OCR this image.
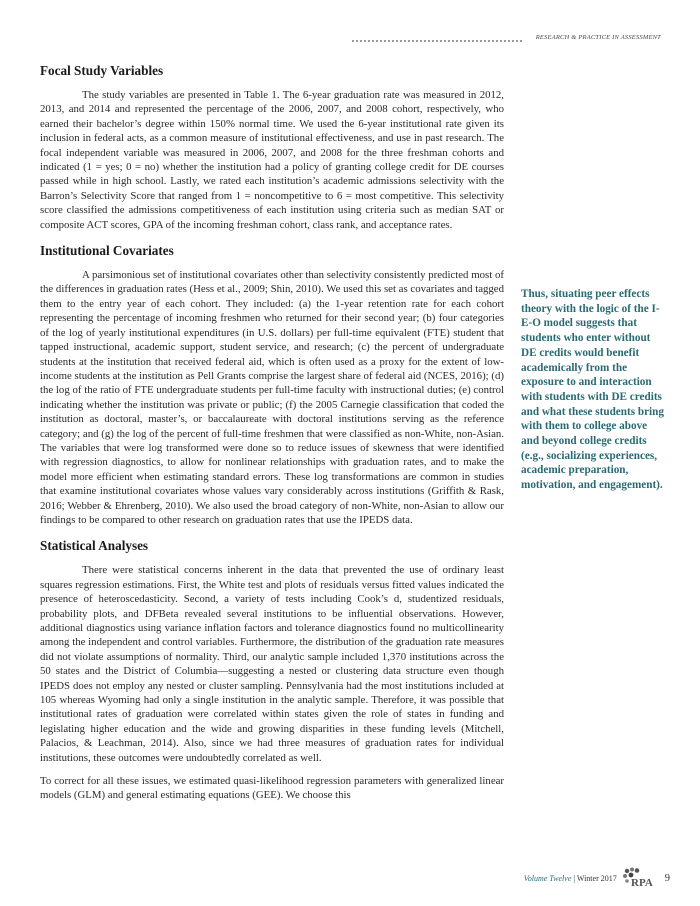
RESEARCH & PRACTICE IN ASSESSMENT
Focal Study Variables

The study variables are presented in Table 1. The 6-year graduation rate was measured in 2012, 2013, and 2014 and represented the percentage of the 2006, 2007, and 2008 cohort, respectively, who earned their bachelor’s degree within 150% normal time. We used the 6-year institutional rate given its inclusion in federal acts, as a common measure of institutional effectiveness, and use in past research. The focal independent variable was measured in 2006, 2007, and 2008 for the three freshman cohorts and indicated (1 = yes; 0 = no) whether the institution had a policy of granting college credit for DE courses passed while in high school. Lastly, we rated each institution’s academic admissions selectivity with the Barron’s Selectivity Score that ranged from 1 = noncompetitive to 6 = most competitive. This selectivity score classified the admissions competitiveness of each institution using criteria such as median SAT or composite ACT scores, GPA of the incoming freshman cohort, class rank, and acceptance rates.

Institutional Covariates

A parsimonious set of institutional covariates other than selectivity consistently predicted most of the differences in graduation rates (Hess et al., 2009; Shin, 2010). We used this set as covariates and tagged them to the entry year of each cohort. They included: (a) the 1-year retention rate for each cohort representing the percentage of incoming freshmen who returned for their second year; (b) four categories of the log of yearly institutional expenditures (in U.S. dollars) per full-time equivalent (FTE) student that tapped instructional, academic support, student service, and research; (c) the percent of undergraduate students at the institution that received federal aid, which is often used as a proxy for the extent of low-income students at the institution as Pell Grants comprise the largest share of federal aid (NCES, 2016); (d) the log of the ratio of FTE undergraduate students per full-time faculty with instructional duties; (e) control indicating whether the institution was private or public; (f) the 2005 Carnegie classification that coded the institution as doctoral, master’s, or baccalaureate with doctoral institutions serving as the reference category; and (g) the log of the percent of full-time freshmen that were classified as non-White, non-Asian. The variables that were log transformed were done so to reduce issues of skewness that were identified with regression diagnostics, to allow for nonlinear relationships with graduation rates, and to make the model more efficient when estimating standard errors. These log transformations are common in studies that examine institutional covariates whose values vary considerably across institutions (Griffith & Rask, 2016; Webber & Ehrenberg, 2010). We also used the broad category of non-White, non-Asian to allow our findings to be compared to other research on graduation rates that use the IPEDS data.

Statistical Analyses

There were statistical concerns inherent in the data that prevented the use of ordinary least squares regression estimations. First, the White test and plots of residuals versus fitted values indicated the presence of heteroscedasticity. Second, a variety of tests including Cook’s d, studentized residuals, probability plots, and DFBeta revealed several institutions to be influential observations. However, additional diagnostics using variance inflation factors and tolerance diagnostics found no multicollinearity among the independent and control variables. Furthermore, the distribution of the graduation rate measures did not violate assumptions of normality. Third, our analytic sample included 1,370 institutions across the 50 states and the District of Columbia—suggesting a nested or clustering data structure even though IPEDS does not employ any nested or cluster sampling. Pennsylvania had the most institutions included at 105 whereas Wyoming had only a single institution in the analytic sample. Therefore, it was possible that institutional rates of graduation were correlated within states given the role of states in funding and legislating higher education and the wide and growing disparities in these funding levels (Mitchell, Palacios, & Leachman, 2014). Also, since we had three measures of graduation rates for individual institutions, these outcomes were undoubtedly correlated as well.

To correct for all these issues, we estimated quasi-likelihood regression parameters with generalized linear models (GLM) and general estimating equations (GEE). We choose this

Thus, situating peer effects theory with the logic of the I-E-O model suggests that students who enter without DE credits would benefit academically from the exposure to and interaction with students with DE credits and what these students bring with them to college above and beyond college credits (e.g., socializing experiences, academic preparation, motivation, and engagement).
Volume Twelve | Winter 2017 RPA 9
